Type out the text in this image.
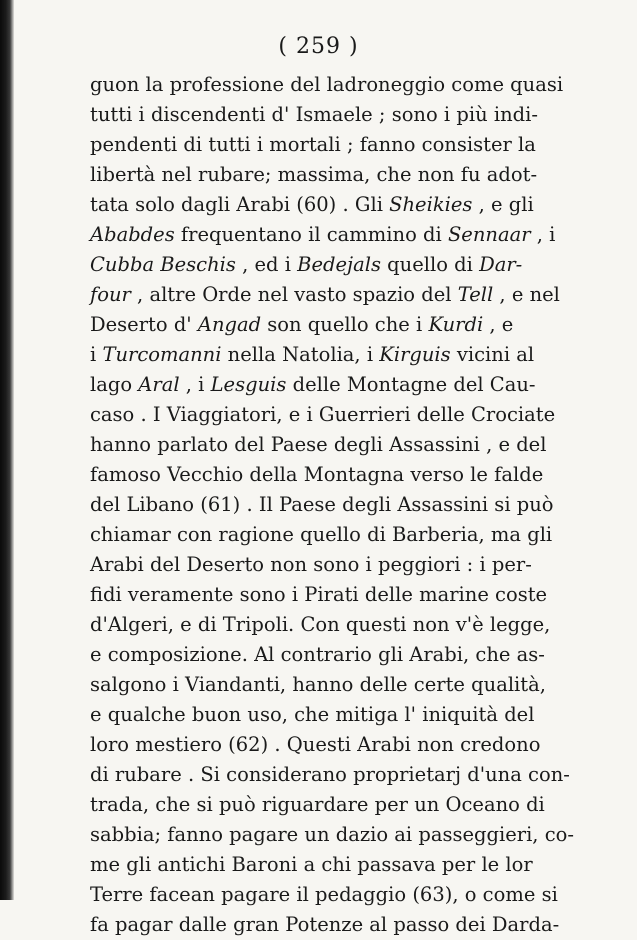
( 259 )
guon la professione del ladroneggio come quasi
tutti i discendenti d' Ismaele ; sono i più indi-
pendenti di tutti i mortali ; fanno consister la
libertà nel rubare; massima, che non fu adot-
tata solo dagli Arabi (60) . Gli Sheikies , e gli
Ababdes frequentano il cammino di Sennaar , i
Cubba Beschis , ed i Bedejals quello di Dar-
four , altre Orde nel vasto spazio del Tell , e nel
Deserto d' Angad son quello che i Kurdi , e
i Turcomanni nella Natolia, i Kirguis vicini al
lago Aral , i Lesguis delle Montagne del Cau-
caso . I Viaggiatori, e i Guerrieri delle Crociate
hanno parlato del Paese degli Assassini , e del
famoso Vecchio della Montagna verso le falde
del Libano (61) . Il Paese degli Assassini si può
chiamar con ragione quello di Barberia, ma gli
Arabi del Deserto non sono i peggiori : i per-
fidi veramente sono i Pirati delle marine coste
d'Algeri, e di Tripoli. Con questi non v'è legge,
e composizione. Al contrario gli Arabi, che as-
salgono i Viandanti, hanno delle certe qualità,
e qualche buon uso, che mitiga l' iniquità del
loro mestiero (62) . Questi Arabi non credono
di rubare . Si considerano proprietarj d'una con-
trada, che si può riguardare per un Oceano di
sabbia; fanno pagare un dazio ai passeggieri, co-
me gli antichi Baroni a chi passava per le lor
Terre facean pagare il pedaggio (63), o come si
fa pagar dalle gran Potenze al passo dei Darda-
